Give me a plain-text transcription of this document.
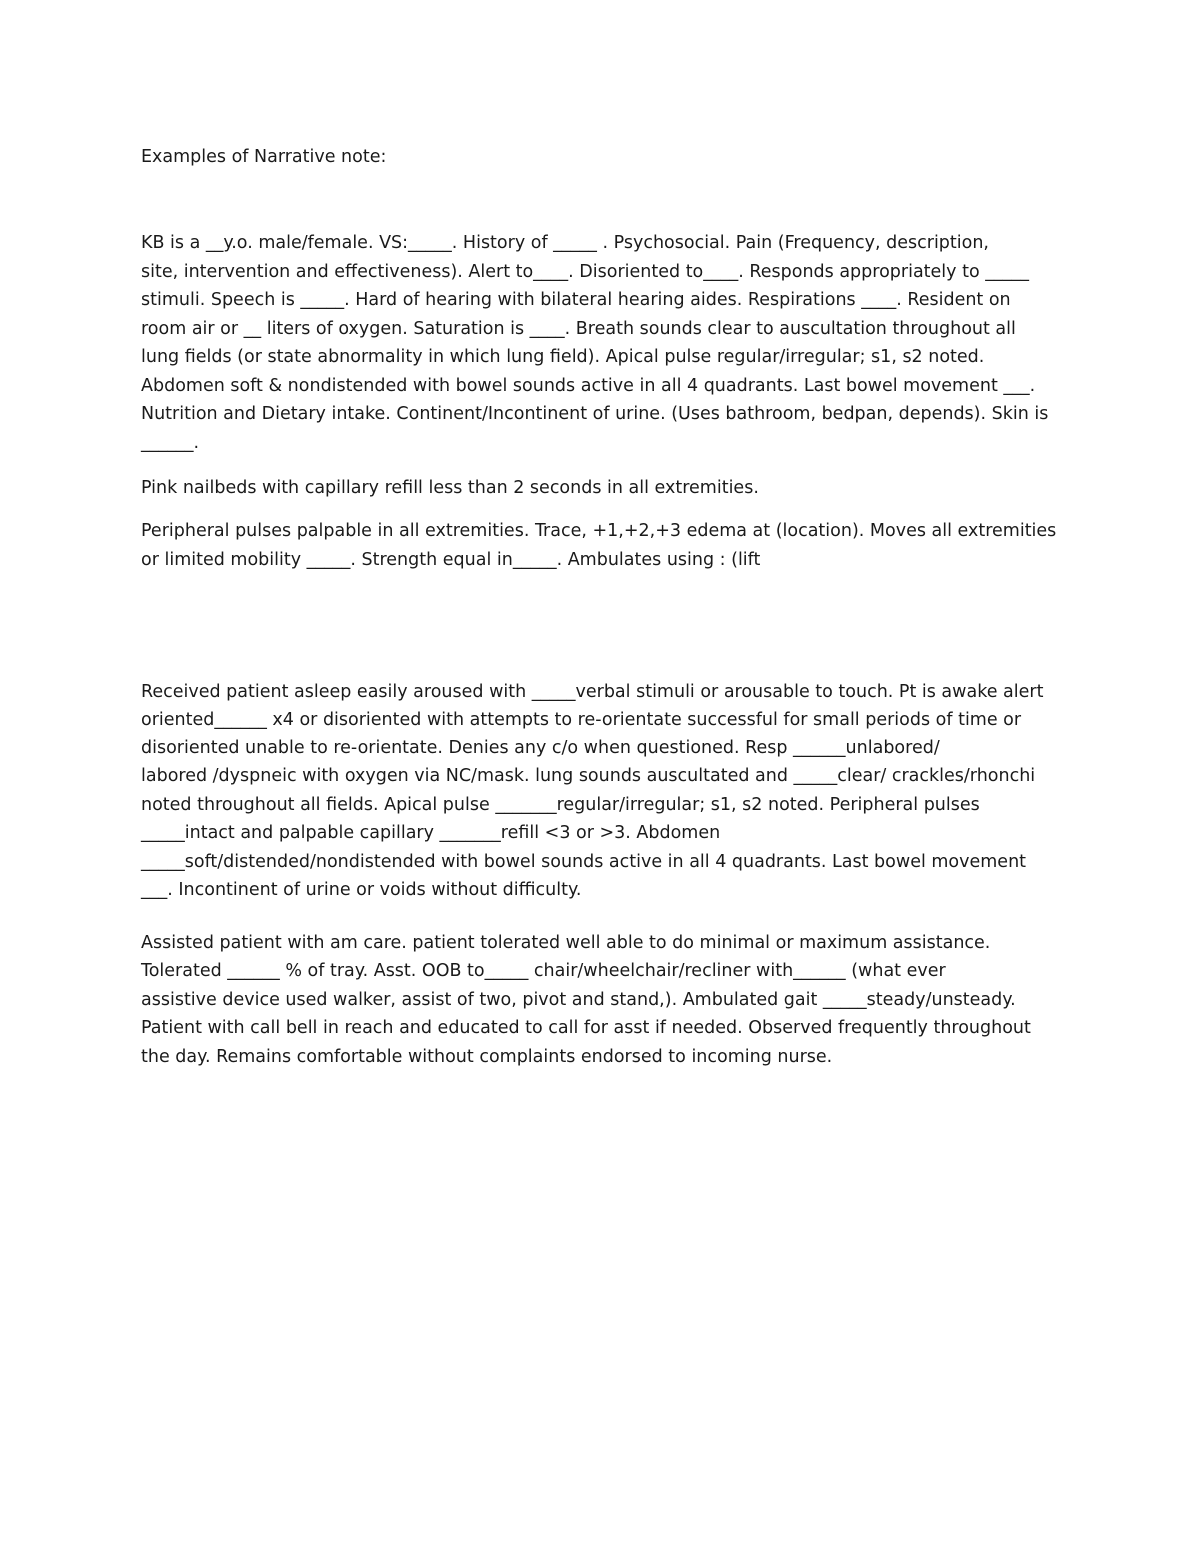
Examples of Narrative note:
KB is a __y.o. male/female. VS:_____. History of _____ . Psychosocial. Pain (Frequency, description,
site, intervention and effectiveness). Alert to____. Disoriented to____. Responds appropriately to _____
stimuli. Speech is _____. Hard of hearing with bilateral hearing aides. Respirations ____. Resident on
room air or __ liters of oxygen. Saturation is ____. Breath sounds clear to auscultation throughout all
lung fields (or state abnormality in which lung field). Apical pulse regular/irregular; s1, s2 noted.
Abdomen soft & nondistended with bowel sounds active in all 4 quadrants. Last bowel movement ___.
Nutrition and Dietary intake. Continent/Incontinent of urine. (Uses bathroom, bedpan, depends). Skin is
______.
Pink nailbeds with capillary refill less than 2 seconds in all extremities.
Peripheral pulses palpable in all extremities. Trace, +1,+2,+3 edema at (location). Moves all extremities
or limited mobility _____. Strength equal in_____. Ambulates using : (lift
Received patient asleep easily aroused with _____verbal stimuli or arousable to touch. Pt is awake alert
oriented______ x4 or disoriented with attempts to re-orientate successful for small periods of time or
disoriented unable to re-orientate. Denies any c/o when questioned. Resp ______unlabored/
labored /dyspneic with oxygen via NC/mask. lung sounds auscultated and _____clear/ crackles/rhonchi
noted throughout all fields. Apical pulse _______regular/irregular; s1, s2 noted. Peripheral pulses
_____intact and palpable capillary _______refill <3 or >3. Abdomen
_____soft/distended/nondistended with bowel sounds active in all 4 quadrants. Last bowel movement
___. Incontinent of urine or voids without difficulty.
Assisted patient with am care. patient tolerated well able to do minimal or maximum assistance.
Tolerated ______ % of tray. Asst. OOB to_____ chair/wheelchair/recliner with______ (what ever
assistive device used walker, assist of two, pivot and stand,). Ambulated gait _____steady/unsteady.
Patient with call bell in reach and educated to call for asst if needed. Observed frequently throughout
the day. Remains comfortable without complaints endorsed to incoming nurse.
